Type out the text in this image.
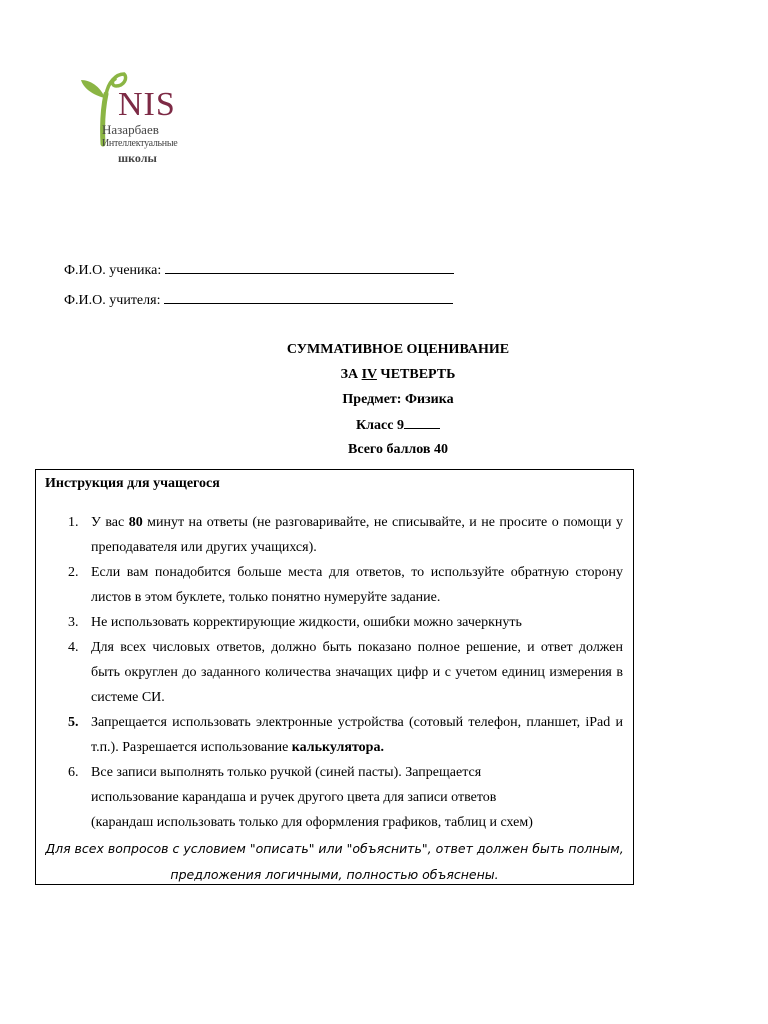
NIS
Назарбаев
Интеллектуальные
школы
Ф.И.О. ученика:
Ф.И.О. учителя:
СУММАТИВНОЕ ОЦЕНИВАНИЕ
ЗА IV ЧЕТВЕРТЬ
Предмет: Физика
Класс 9
Всего баллов 40
Инструкция для учащегося
1. У вас 80 минут на ответы (не разговаривайте, не списывайте, и не просите о помощи у преподавателя или других учащихся).
2. Если вам понадобится больше места для ответов, то используйте обратную сторону листов в этом буклете, только понятно нумеруйте задание.
3. Не использовать корректирующие жидкости, ошибки можно зачеркнуть
4. Для всех числовых ответов, должно быть показано полное решение, и ответ должен быть округлен до заданного количества значащих цифр и с учетом единиц измерения в системе СИ.
5. Запрещается использовать электронные устройства (сотовый телефон, планшет, iPad и т.п.). Разрешается использование калькулятора.
6. Все записи выполнять только ручкой (синей пасты). Запрещается
использование карандаша и ручек другого цвета для записи ответов
(карандаш использовать только для оформления графиков, таблиц и схем)
Для всех вопросов с условием "описать" или "объяснить", ответ должен быть полным, предложения логичными, полностью объяснены.
